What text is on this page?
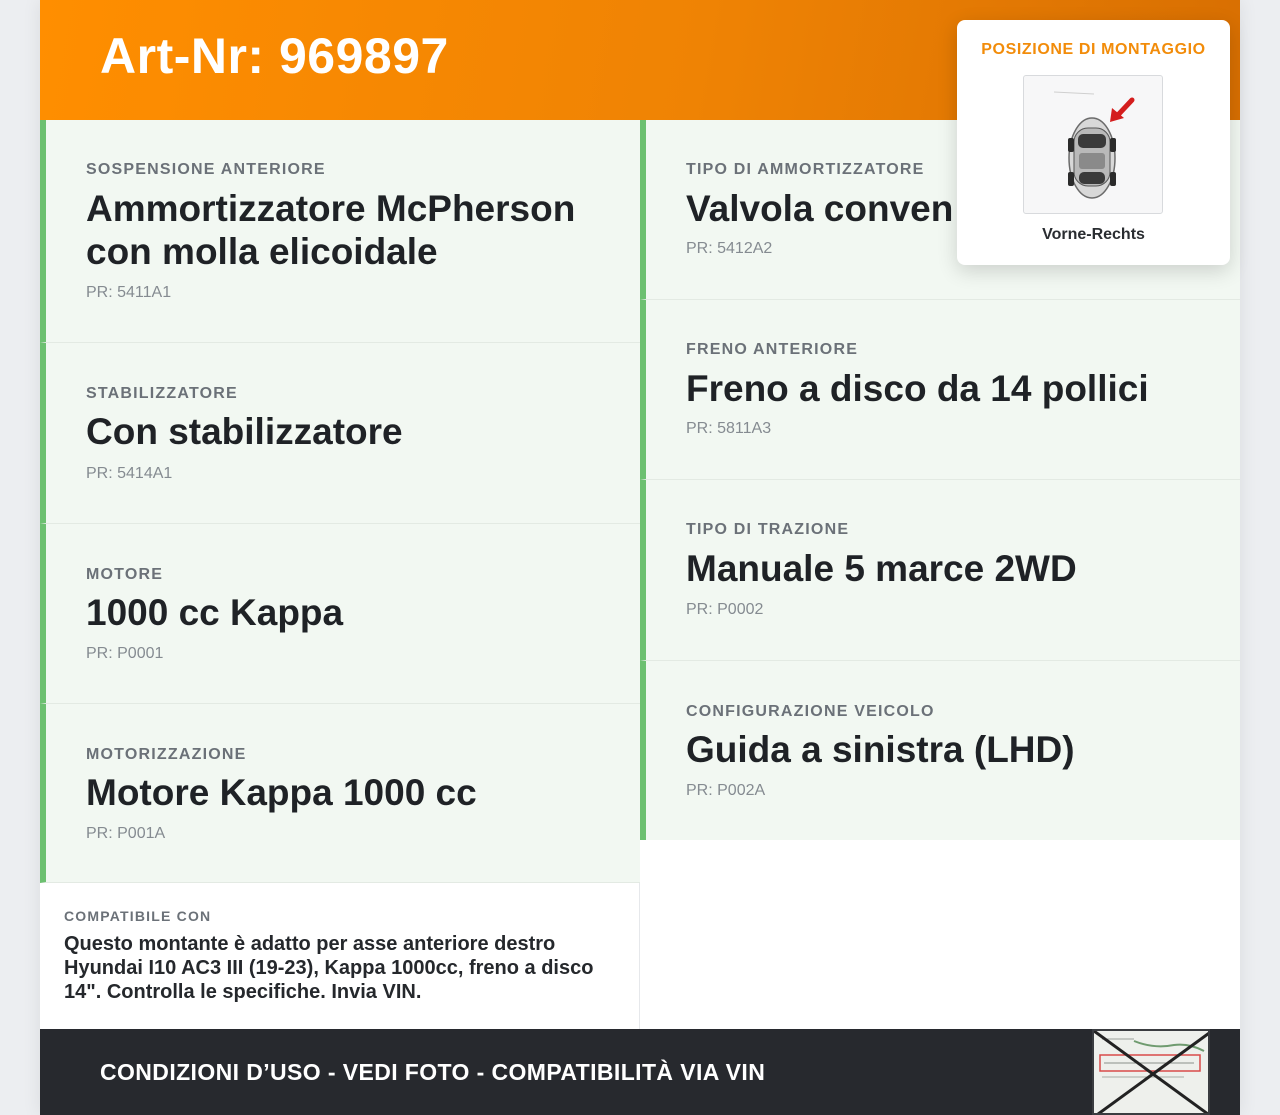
Art-Nr: 969897
SOSPENSIONE ANTERIORE
Ammortizzatore McPherson con molla elicoidale
PR: 5411A1
STABILIZZATORE
Con stabilizzatore
PR: 5414A1
MOTORE
1000 cc Kappa
PR: P0001
MOTORIZZAZIONE
Motore Kappa 1000 cc
PR: P001A
TIPO DI AMMORTIZZATORE
Valvola conven
PR: 5412A2
FRENO ANTERIORE
Freno a disco da 14 pollici
PR: 5811A3
TIPO DI TRAZIONE
Manuale 5 marce 2WD
PR: P0002
CONFIGURAZIONE VEICOLO
Guida a sinistra (LHD)
PR: P002A
COMPATIBILE CON
Questo montante è adatto per asse anteriore destro Hyundai I10 AC3 III (19-23), Kappa 1000cc, freno a disco 14". Controlla le specifiche. Invia VIN.
CONDIZIONI D’USO - VEDI FOTO - COMPATIBILITÀ VIA VIN
POSIZIONE DI MONTAGGIO
Vorne-Rechts
